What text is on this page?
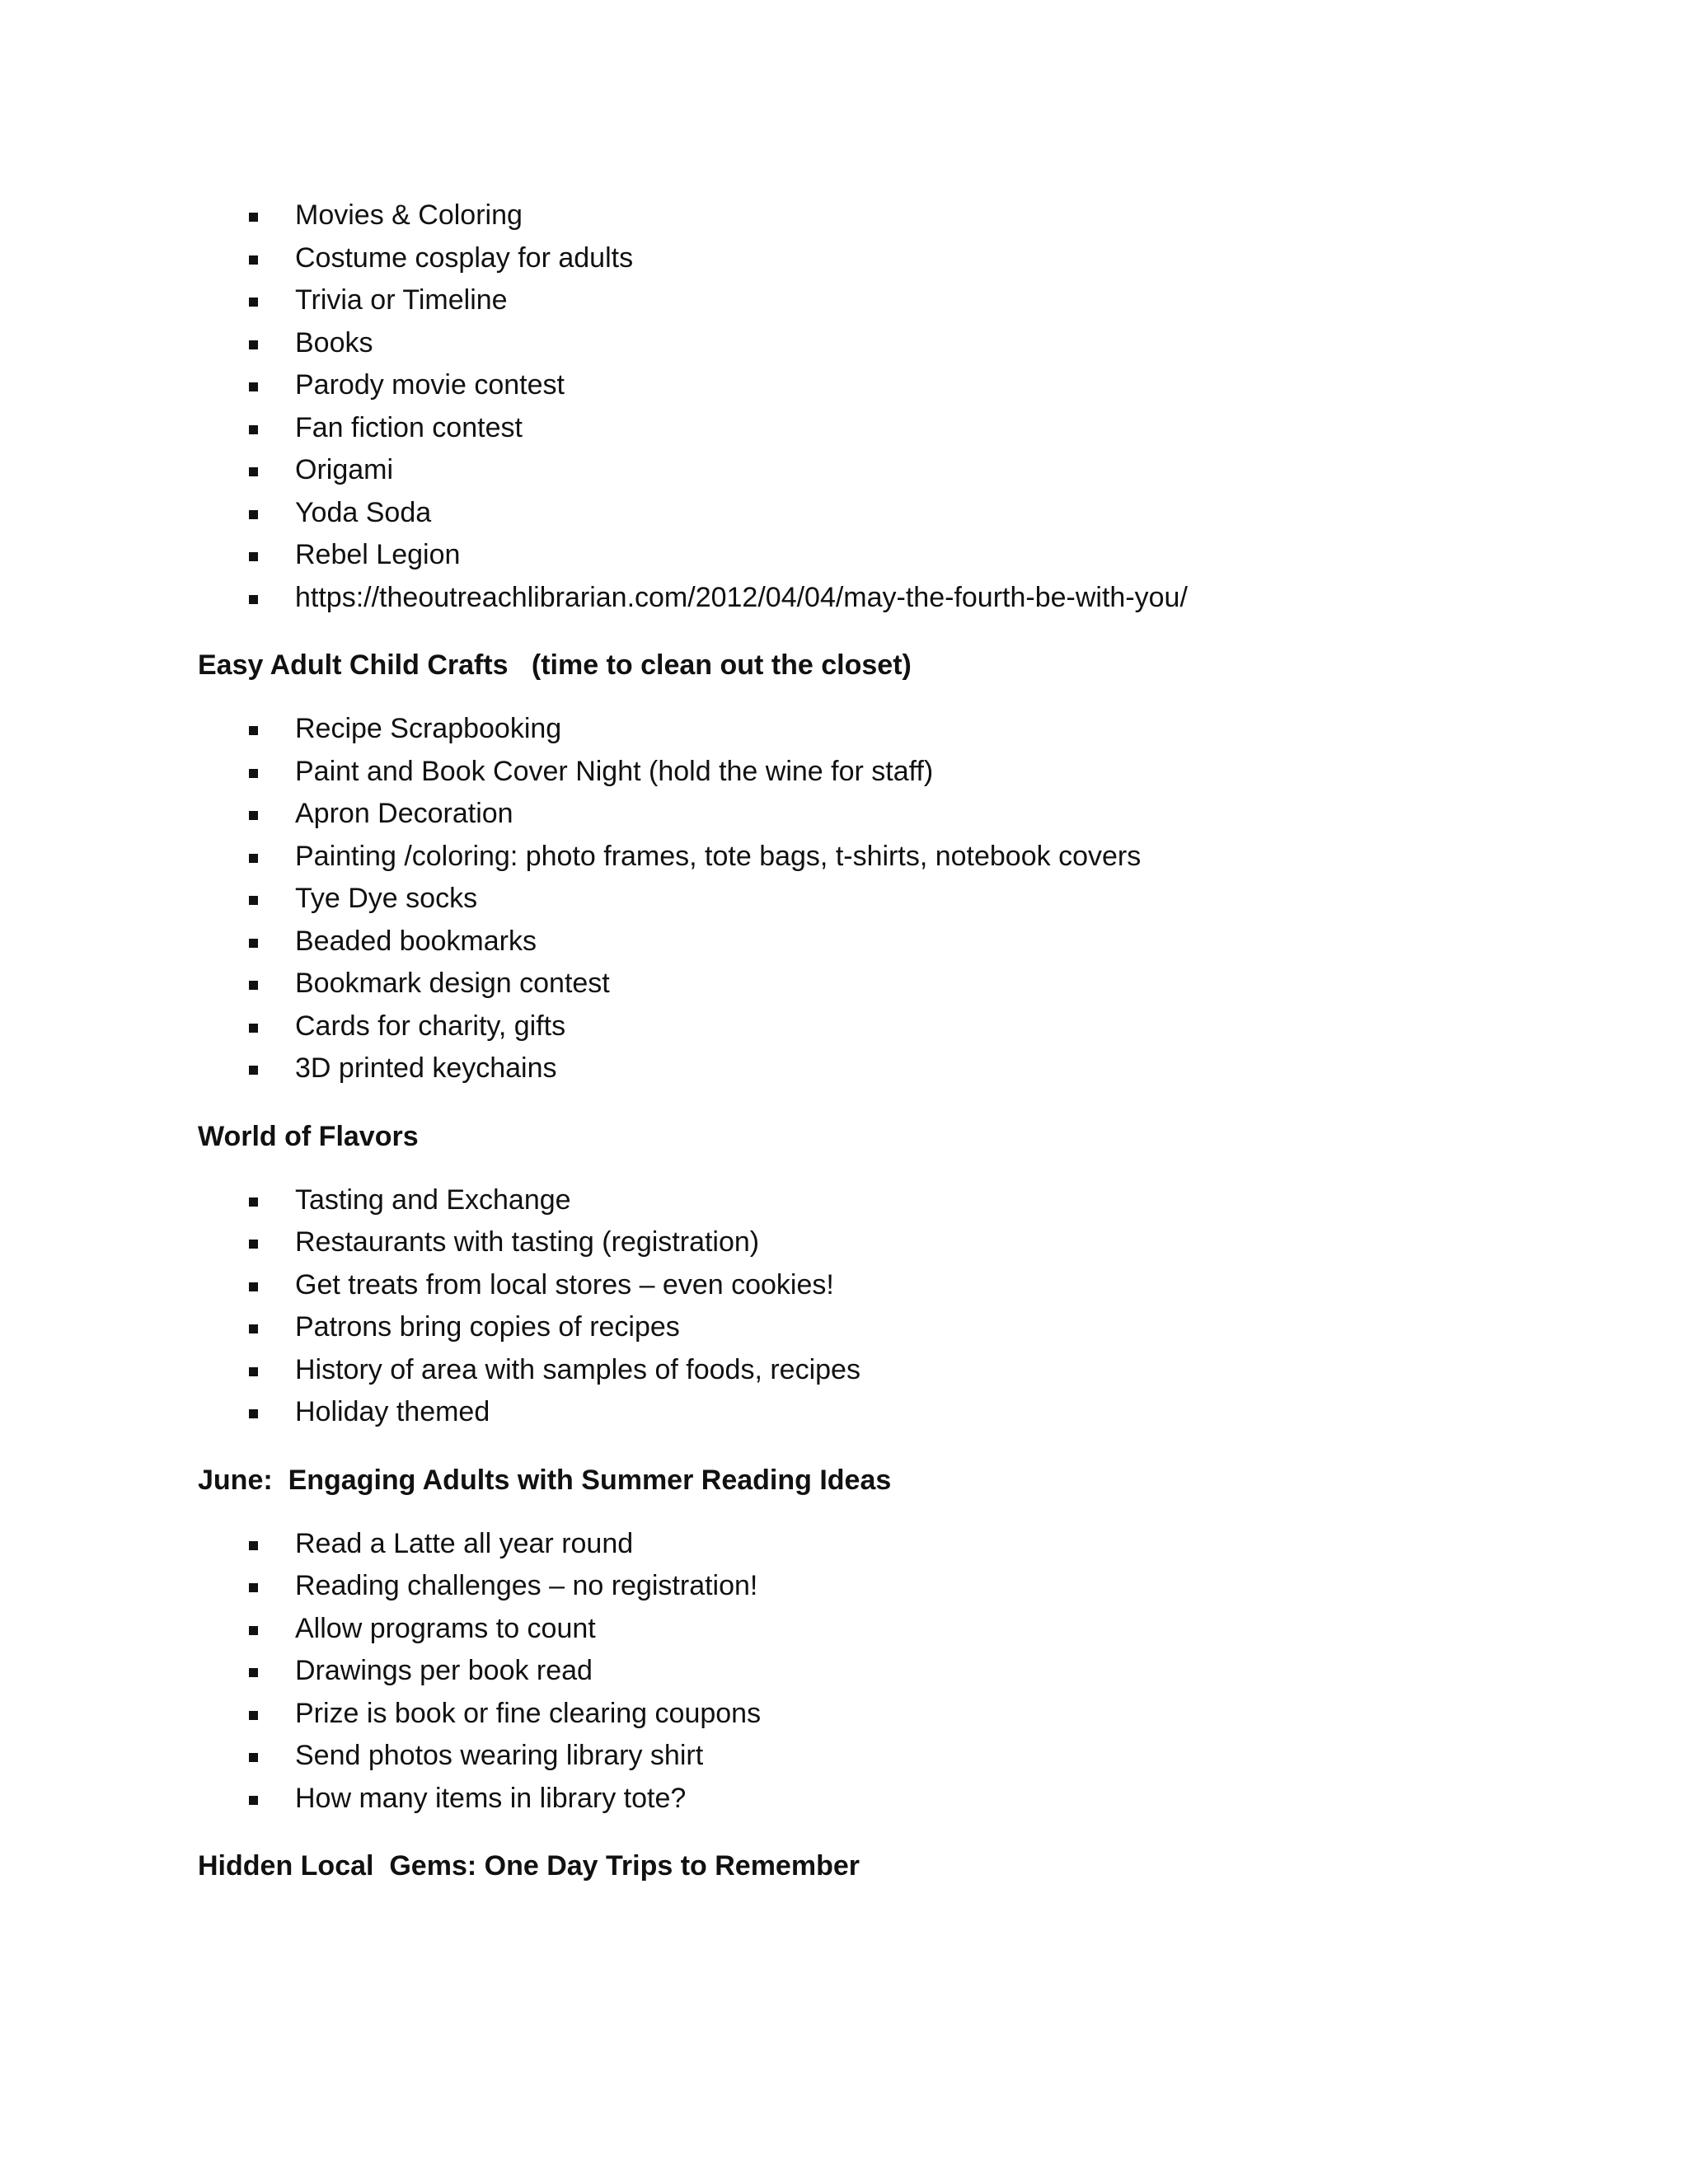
Movies & Coloring
Costume cosplay for adults
Trivia or Timeline
Books
Parody movie contest
Fan fiction contest
Origami
Yoda Soda
Rebel Legion
https://theoutreachlibrarian.com/2012/04/04/may-the-fourth-be-with-you/
Easy Adult Child Crafts   (time to clean out the closet)
Recipe Scrapbooking
Paint and Book Cover Night (hold the wine for staff)
Apron Decoration
Painting /coloring: photo frames, tote bags, t-shirts, notebook covers
Tye Dye socks
Beaded bookmarks
Bookmark design contest
Cards for charity, gifts
3D printed keychains
World of Flavors
Tasting and Exchange
Restaurants with tasting (registration)
Get treats from local stores – even cookies!
Patrons bring copies of recipes
History of area with samples of foods, recipes
Holiday themed
June:  Engaging Adults with Summer Reading Ideas
Read a Latte all year round
Reading challenges – no registration!
Allow programs to count
Drawings per book read
Prize is book or fine clearing coupons
Send photos wearing library shirt
How many items in library tote?
Hidden Local  Gems: One Day Trips to Remember
